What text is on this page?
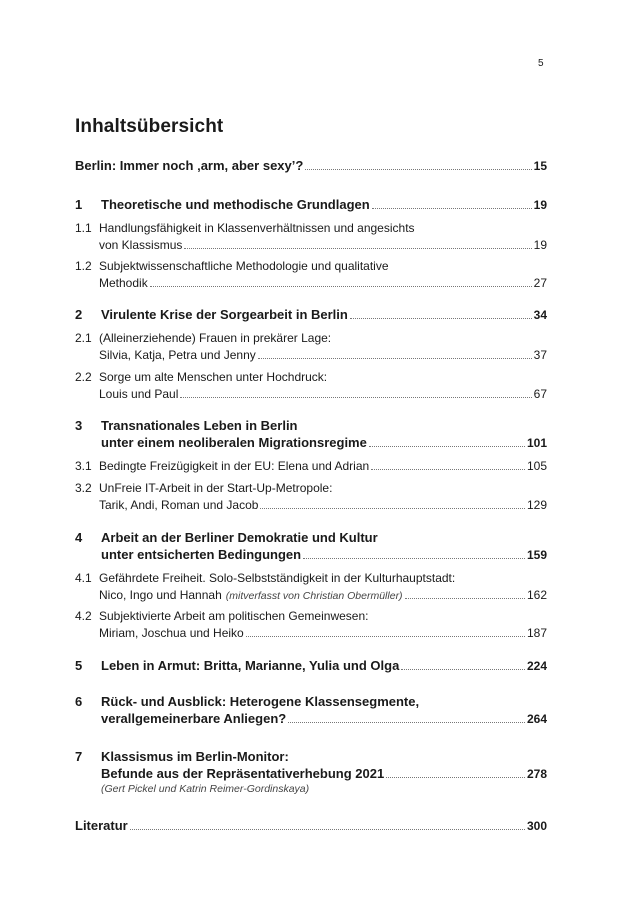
5
Inhaltsübersicht
Berlin: Immer noch ‚arm, aber sexy’?	15
1	Theoretische und methodische Grundlagen	19
1.1 Handlungsfähigkeit in Klassenverhältnissen und angesichts
von Klassismus	19
1.2 Subjektwissenschaftliche Methodologie und qualitative
Methodik	27
2	Virulente Krise der Sorgearbeit in Berlin	34
2.1 (Alleinerziehende) Frauen in prekärer Lage:
Silvia, Katja, Petra und Jenny	37
2.2 Sorge um alte Menschen unter Hochdruck:
Louis und Paul	67
3	Transnationales Leben in Berlin
unter einem neoliberalen Migrationsregime	101
3.1 Bedingte Freizügigkeit in der EU: Elena und Adrian	105
3.2 UnFreie IT-Arbeit in der Start-Up-Metropole:
Tarik, Andi, Roman und Jacob	129
4	Arbeit an der Berliner Demokratie und Kultur
unter entsicherten Bedingungen	159
4.1 Gefährdete Freiheit. Solo-Selbstständigkeit in der Kulturhauptstadt:
Nico, Ingo und Hannah (mitverfasst von Christian Obermüller)	162
4.2 Subjektivierte Arbeit am politischen Gemeinwesen:
Miriam, Joschua und Heiko	187
5	Leben in Armut: Britta, Marianne, Yulia und Olga	224
6	Rück- und Ausblick: Heterogene Klassensegmente,
verallgemeinerbare Anliegen?	264
7	Klassismus im Berlin-Monitor:
Befunde aus der Repräsentativerhebung 2021	278
(Gert Pickel und Katrin Reimer-Gordinskaya)
Literatur	300
